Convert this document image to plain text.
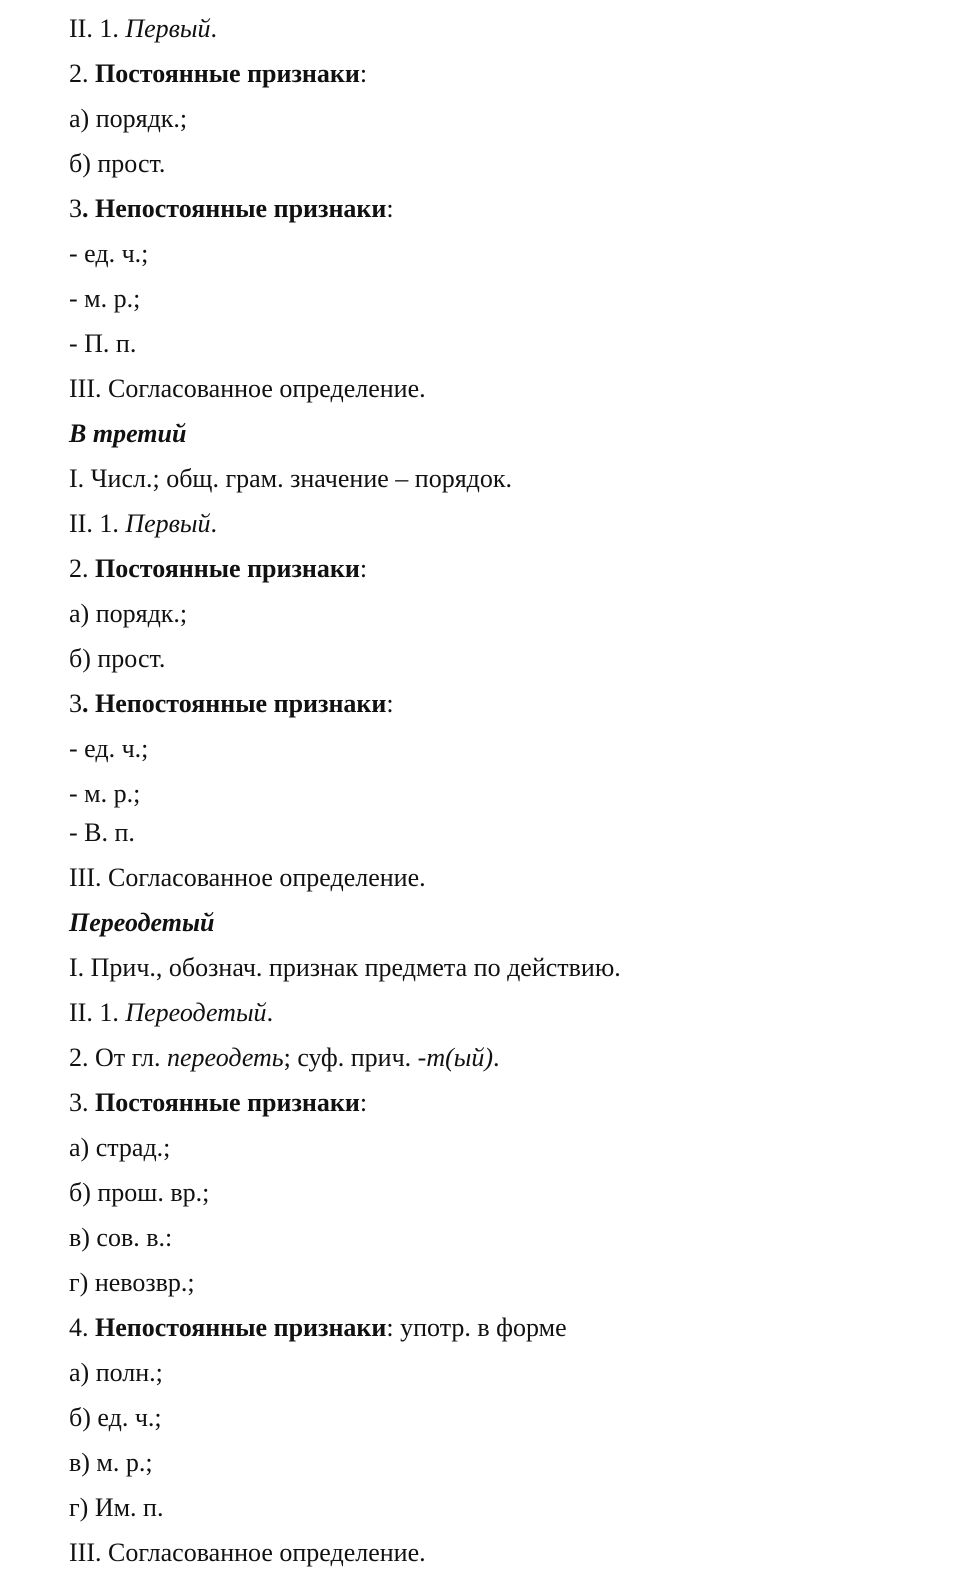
II. 1. Первый.
2. Постоянные признаки:
а) порядк.;
б) прост.
3. Непостоянные признаки:
- ед. ч.;
- м. р.;
- П. п.
III. Согласованное определение.
В третий
I. Числ.; общ. грам. значение – порядок.
II. 1. Первый.
2. Постоянные признаки:
а) порядк.;
б) прост.
3. Непостоянные признаки:
- ед. ч.;
- м. р.;
- В. п.
III. Согласованное определение.
Переодетый
I. Прич., обознач. признак предмета по действию.
II. 1. Переодетый.
2. От гл. переодеть; суф. прич. -т(ый).
3. Постоянные признаки:
а) страд.;
б) прош. вр.;
в) сов. в.:
г) невозвр.;
4. Непостоянные признаки: употр. в форме
а) полн.;
б) ед. ч.;
в) м. р.;
г) Им. п.
III. Согласованное определение.
